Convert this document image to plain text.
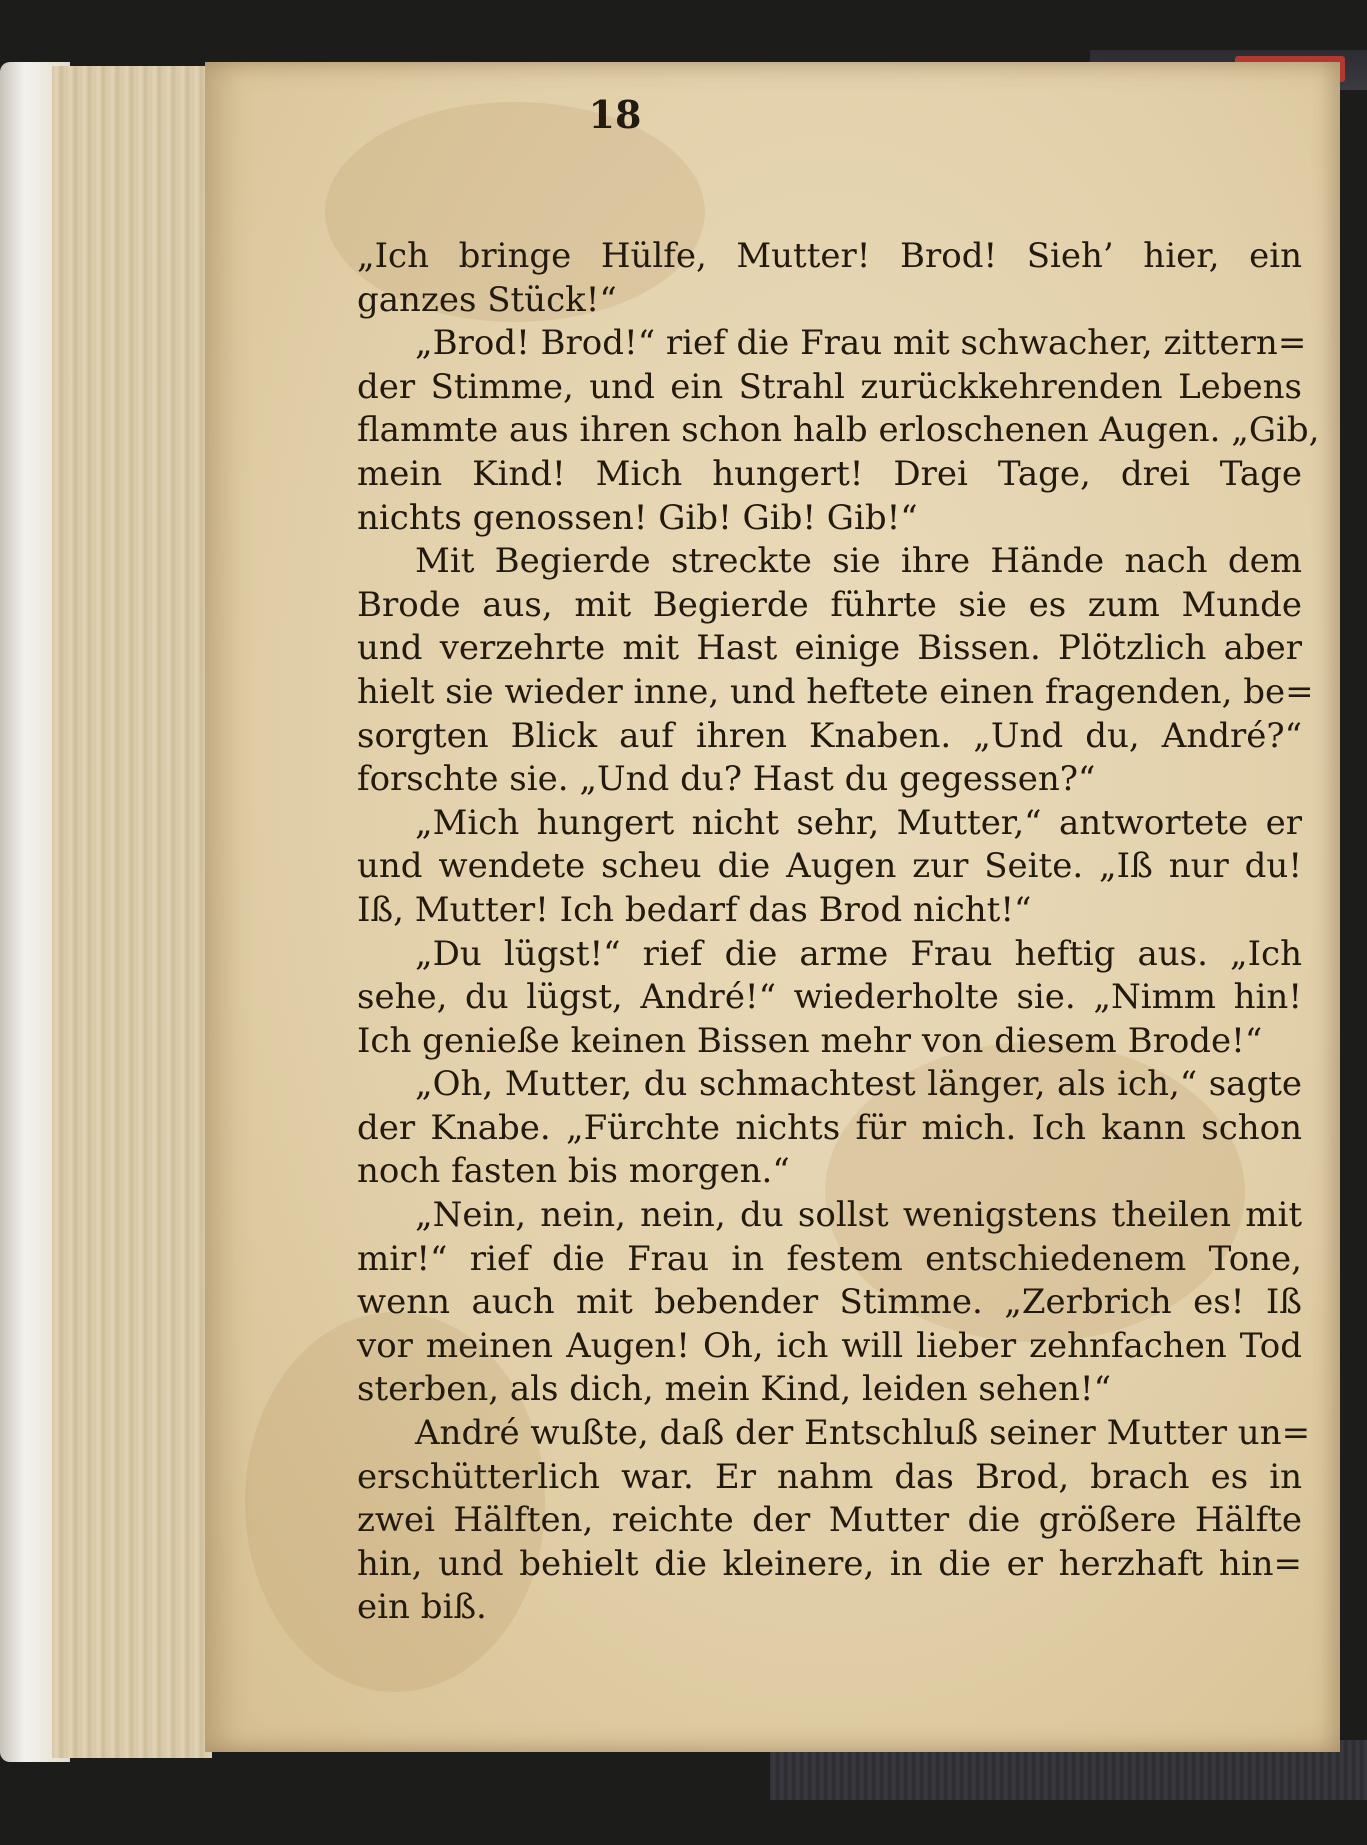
18
„Ich bringe Hülfe, Mutter! Brod! Sieh’ hier, ein
ganzes Stück!“
„Brod! Brod!“ rief die Frau mit schwacher, zittern=
der Stimme, und ein Strahl zurückkehrenden Lebens
flammte aus ihren schon halb erloschenen Augen. „Gib,
mein Kind! Mich hungert! Drei Tage, drei Tage
nichts genossen! Gib! Gib! Gib!“
Mit Begierde streckte sie ihre Hände nach dem
Brode aus, mit Begierde führte sie es zum Munde
und verzehrte mit Hast einige Bissen. Plötzlich aber
hielt sie wieder inne, und heftete einen fragenden, be=
sorgten Blick auf ihren Knaben. „Und du, André?“
forschte sie. „Und du? Hast du gegessen?“
„Mich hungert nicht sehr, Mutter,“ antwortete er
und wendete scheu die Augen zur Seite. „Iß nur du!
Iß, Mutter! Ich bedarf das Brod nicht!“
„Du lügst!“ rief die arme Frau heftig aus. „Ich
sehe, du lügst, André!“ wiederholte sie. „Nimm hin!
Ich genieße keinen Bissen mehr von diesem Brode!“
„Oh, Mutter, du schmachtest länger, als ich,“ sagte
der Knabe. „Fürchte nichts für mich. Ich kann schon
noch fasten bis morgen.“
„Nein, nein, nein, du sollst wenigstens theilen mit
mir!“ rief die Frau in festem entschiedenem Tone,
wenn auch mit bebender Stimme. „Zerbrich es! Iß
vor meinen Augen! Oh, ich will lieber zehnfachen Tod
sterben, als dich, mein Kind, leiden sehen!“
André wußte, daß der Entschluß seiner Mutter un=
erschütterlich war. Er nahm das Brod, brach es in
zwei Hälften, reichte der Mutter die größere Hälfte
hin, und behielt die kleinere, in die er herzhaft hin=
ein biß.
